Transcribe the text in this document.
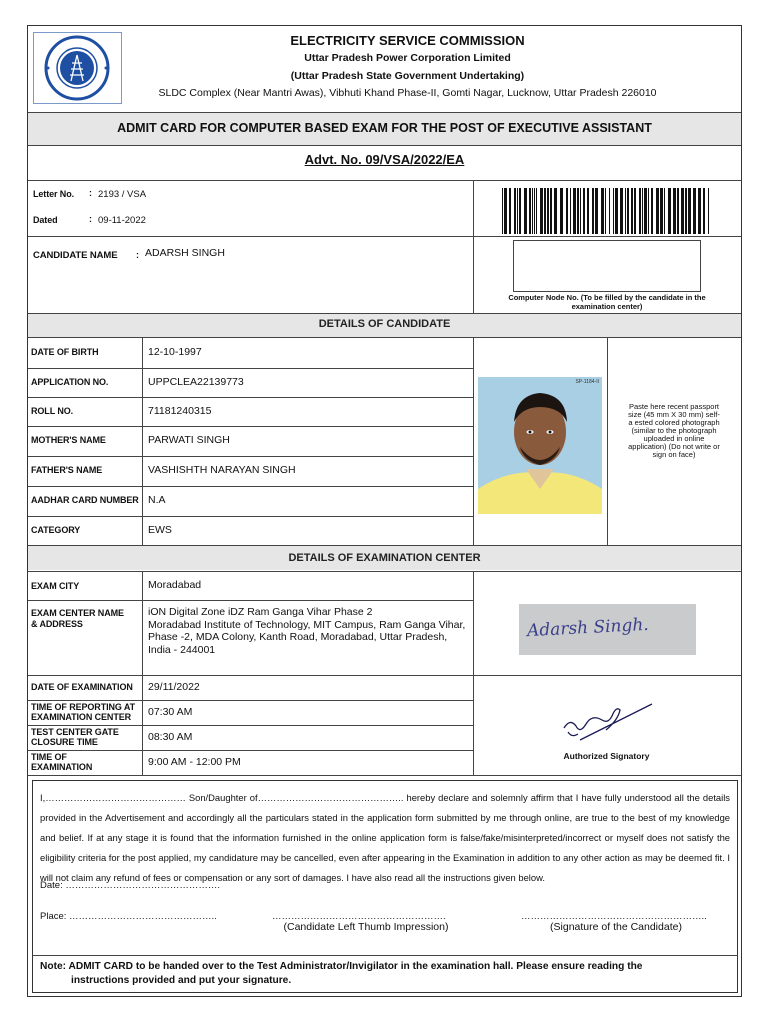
ELECTRICITY SERVICE COMMISSION
Uttar Pradesh Power Corporation Limited
(Uttar Pradesh State Government Undertaking)
SLDC Complex (Near Mantri Awas), Vibhuti Khand Phase-II, Gomti Nagar, Lucknow, Uttar Pradesh 226010
ADMIT CARD FOR COMPUTER BASED EXAM FOR THE POST OF EXECUTIVE ASSISTANT
Advt. No. 09/VSA/2022/EA
Letter No. : 2193 / VSA
Dated	: 09-11-2022
CANDIDATE NAME : ADARSH SINGH
Computer Node No. (To be filled by the candidate in the examination center)
DETAILS OF CANDIDATE
DATE OF BIRTH	12-10-1997
APPLICATION NO.	UPPCLEA22139773
ROLL NO.	71181240315
MOTHER'S NAME	PARWATI SINGH
FATHER'S NAME	VASHISHTH NARAYAN SINGH
AADHAR CARD NUMBER N.A
CATEGORY	EWS
SP-1184-II
Paste here recent passport size (45 mm X 30 mm) self-a ested colored photograph (similar to the photograph uploaded in online application) (Do not write or sign on face)
DETAILS OF EXAMINATION CENTER
EXAM CITY	Moradabad
EXAM CENTER NAME
& ADDRESS
iON Digital Zone iDZ Ram Ganga Vihar Phase 2
Moradabad Institute of Technology, MIT Campus, Ram Ganga Vihar, Phase -2, MDA Colony, Kanth Road, Moradabad, Uttar Pradesh, India - 244001
Adarsh Singh.
DATE OF EXAMINATION 29/11/2022
TIME OF REPORTING AT
EXAMINATION CENTER 07:30 AM
TEST CENTER GATE
CLOSURE TIME	08:30 AM
TIME OF
EXAMINATION	9:00 AM - 12:00 PM	Authorized Signatory
I,……………………………………… Son/Daughter of……………………………………….. hereby declare and solemnly affirm that I have fully understood all the details provided in the Advertisement and accordingly all the particulars stated in the application form submitted by me through online, are true to the best of my knowledge and belief. If at any stage it is found that the information furnished in the online application form is false/fake/misinterpreted/incorrect or myself does not satisfy the eligibility criteria for the post applied, my candidature may be cancelled, even after appearing in the Examination in addition to any other action as may be deemed fit. I will not claim any refund of fees or compensation or any sort of damages. I have also read all the instructions given below.
Date: ………………………………………….
Place: ………………………………………..	……………………………………………….
(Candidate Left Thumb Impression)
…………………………………………………..
(Signature of the Candidate)
Note: ADMIT CARD to be handed over to the Test Administrator/Invigilator in the examination hall. Please ensure reading the
instructions provided and put your signature.
